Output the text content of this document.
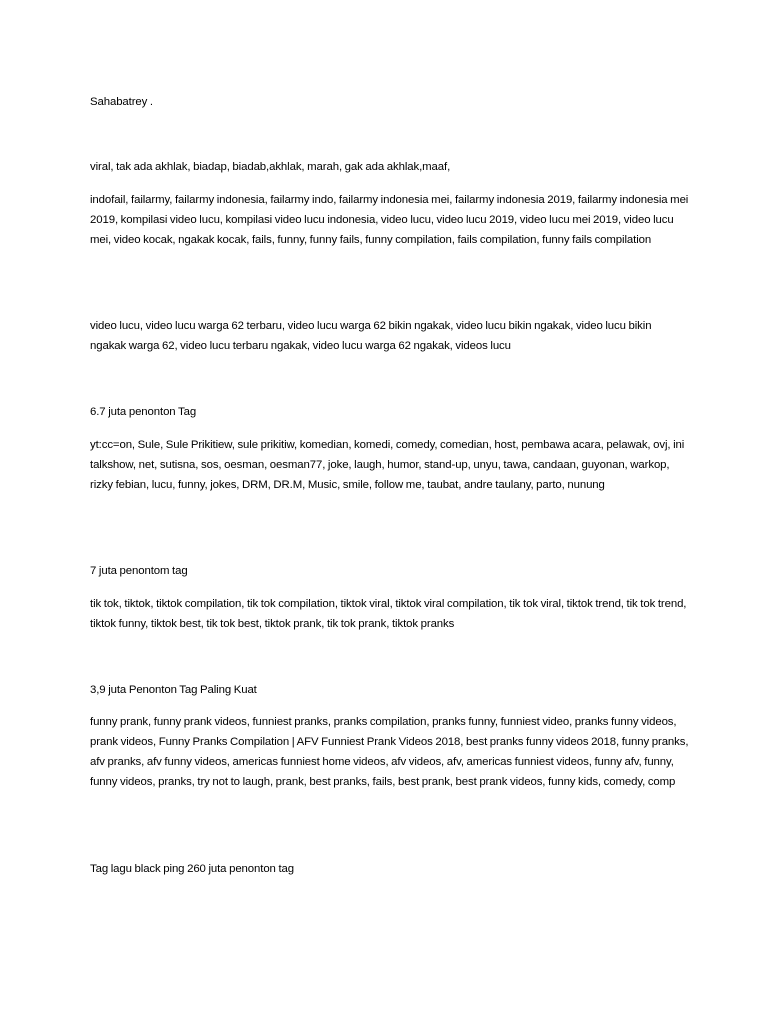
Sahabatrey .

viral, tak ada akhlak, biadap, biadab,akhlak, marah, gak ada akhlak,maaf,

indofail, failarmy, failarmy indonesia, failarmy indo, failarmy indonesia mei, failarmy indonesia 2019, failarmy indonesia mei 2019, kompilasi video lucu, kompilasi video lucu indonesia, video lucu, video lucu 2019, video lucu mei 2019, video lucu mei, video kocak, ngakak kocak, fails, funny, funny fails, funny compilation, fails compilation, funny fails compilation

video lucu, video lucu warga 62 terbaru, video lucu warga 62 bikin ngakak, video lucu bikin ngakak, video lucu bikin ngakak warga 62, video lucu terbaru ngakak, video lucu warga 62 ngakak, videos lucu

6.7 juta penonton Tag

yt:cc=on, Sule, Sule Prikitiew, sule prikitiw, komedian, komedi, comedy, comedian, host, pembawa acara, pelawak, ovj, ini talkshow, net, sutisna, sos, oesman, oesman77, joke, laugh, humor, stand-up, unyu, tawa, candaan, guyonan, warkop, rizky febian, lucu, funny, jokes, DRM, DR.M, Music, smile, follow me, taubat, andre taulany, parto, nunung

7 juta penontom tag

tik tok, tiktok, tiktok compilation, tik tok compilation, tiktok viral, tiktok viral compilation, tik tok viral, tiktok trend, tik tok trend, tiktok funny, tiktok best, tik tok best, tiktok prank, tik tok prank, tiktok pranks

3,9 juta Penonton Tag Paling Kuat

funny prank, funny prank videos, funniest pranks, pranks compilation, pranks funny, funniest video, pranks funny videos, prank videos, Funny Pranks Compilation | AFV Funniest Prank Videos 2018, best pranks funny videos 2018, funny pranks, afv pranks, afv funny videos, americas funniest home videos, afv videos, afv, americas funniest videos, funny afv, funny, funny videos, pranks, try not to laugh, prank, best pranks, fails, best prank, best prank videos, funny kids, comedy, comp

Tag lagu black ping 260 juta penonton tag
